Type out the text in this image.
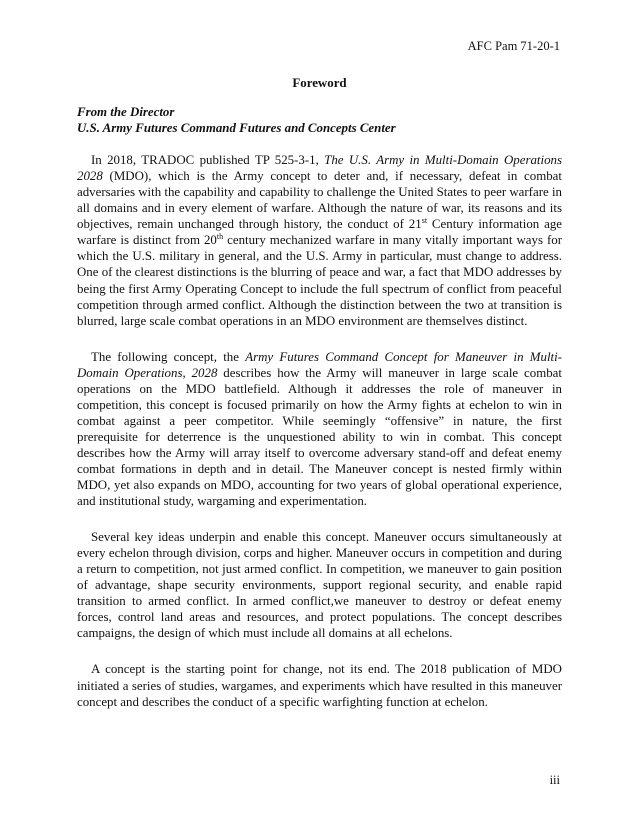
AFC Pam 71-20-1
Foreword
From the Director
U.S. Army Futures Command Futures and Concepts Center

In 2018, TRADOC published TP 525-3-1, The U.S. Army in Multi-Domain Operations 2028 (MDO), which is the Army concept to deter and, if necessary, defeat in combat adversaries with the capability and capability to challenge the United States to peer warfare in all domains and in every element of warfare. Although the nature of war, its reasons and its objectives, remain unchanged through history, the conduct of 21st Century information age warfare is distinct from 20th century mechanized warfare in many vitally important ways for which the U.S. military in general, and the U.S. Army in particular, must change to address. One of the clearest distinctions is the blurring of peace and war, a fact that MDO addresses by being the first Army Operating Concept to include the full spectrum of conflict from peaceful competition through armed conflict. Although the distinction between the two at transition is blurred, large scale combat operations in an MDO environment are themselves distinct.

The following concept, the Army Futures Command Concept for Maneuver in Multi-Domain Operations, 2028 describes how the Army will maneuver in large scale combat operations on the MDO battlefield. Although it addresses the role of maneuver in competition, this concept is focused primarily on how the Army fights at echelon to win in combat against a peer competitor. While seemingly “offensive” in nature, the first prerequisite for deterrence is the unquestioned ability to win in combat. This concept describes how the Army will array itself to overcome adversary stand-off and defeat enemy combat formations in depth and in detail. The Maneuver concept is nested firmly within MDO, yet also expands on MDO, accounting for two years of global operational experience, and institutional study, wargaming and experimentation.

Several key ideas underpin and enable this concept. Maneuver occurs simultaneously at every echelon through division, corps and higher. Maneuver occurs in competition and during a return to competition, not just armed conflict. In competition, we maneuver to gain position of advantage, shape security environments, support regional security, and enable rapid transition to armed conflict. In armed conflict,we maneuver to destroy or defeat enemy forces, control land areas and resources, and protect populations. The concept describes campaigns, the design of which must include all domains at all echelons.

A concept is the starting point for change, not its end. The 2018 publication of MDO initiated a series of studies, wargames, and experiments which have resulted in this maneuver concept and describes the conduct of a specific warfighting function at echelon.

iii
